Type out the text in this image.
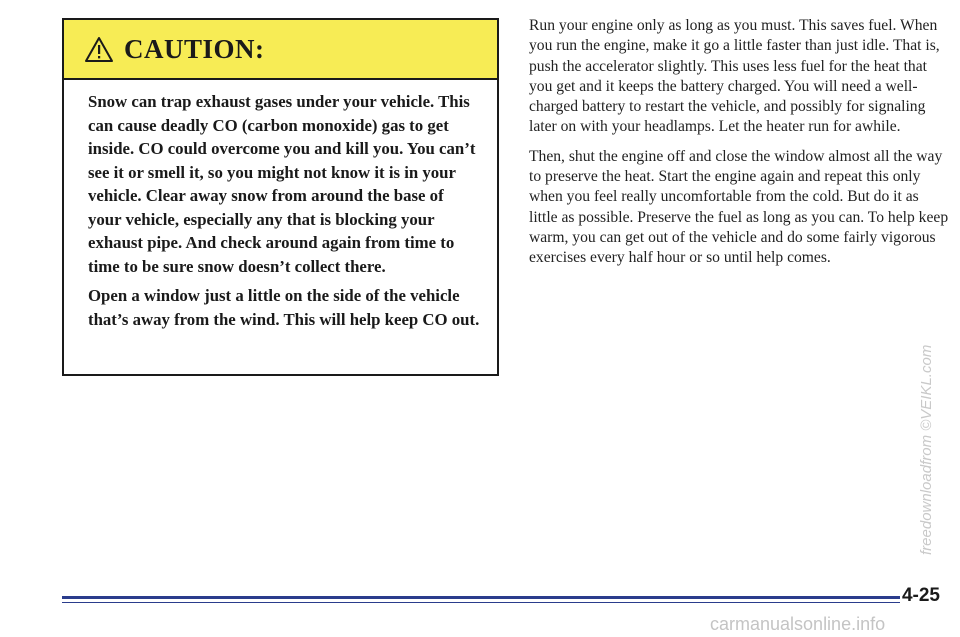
CAUTION:

Snow can trap exhaust gases under your vehicle. This can cause deadly CO (carbon monoxide) gas to get inside. CO could overcome you and kill you. You can’t see it or smell it, so you might not know it is in your vehicle. Clear away snow from around the base of your vehicle, especially any that is blocking your exhaust pipe. And check around again from time to time to be sure snow doesn’t collect there.

Open a window just a little on the side of the vehicle that’s away from the wind. This will help keep CO out.

Run your engine only as long as you must. This saves fuel. When you run the engine, make it go a little faster than just idle. That is, push the accelerator slightly. This uses less fuel for the heat that you get and it keeps the battery charged. You will need a well-charged battery to restart the vehicle, and possibly for signaling later on with your headlamps. Let the heater run for awhile.

Then, shut the engine off and close the window almost all the way to preserve the heat. Start the engine again and repeat this only when you feel really uncomfortable from the cold. But do it as little as possible. Preserve the fuel as long as you can. To help keep warm, you can get out of the vehicle and do some fairly vigorous exercises every half hour or so until help comes.

4-25
freedownloadfrom ©VEIKL.com
carmanualsonline.info
